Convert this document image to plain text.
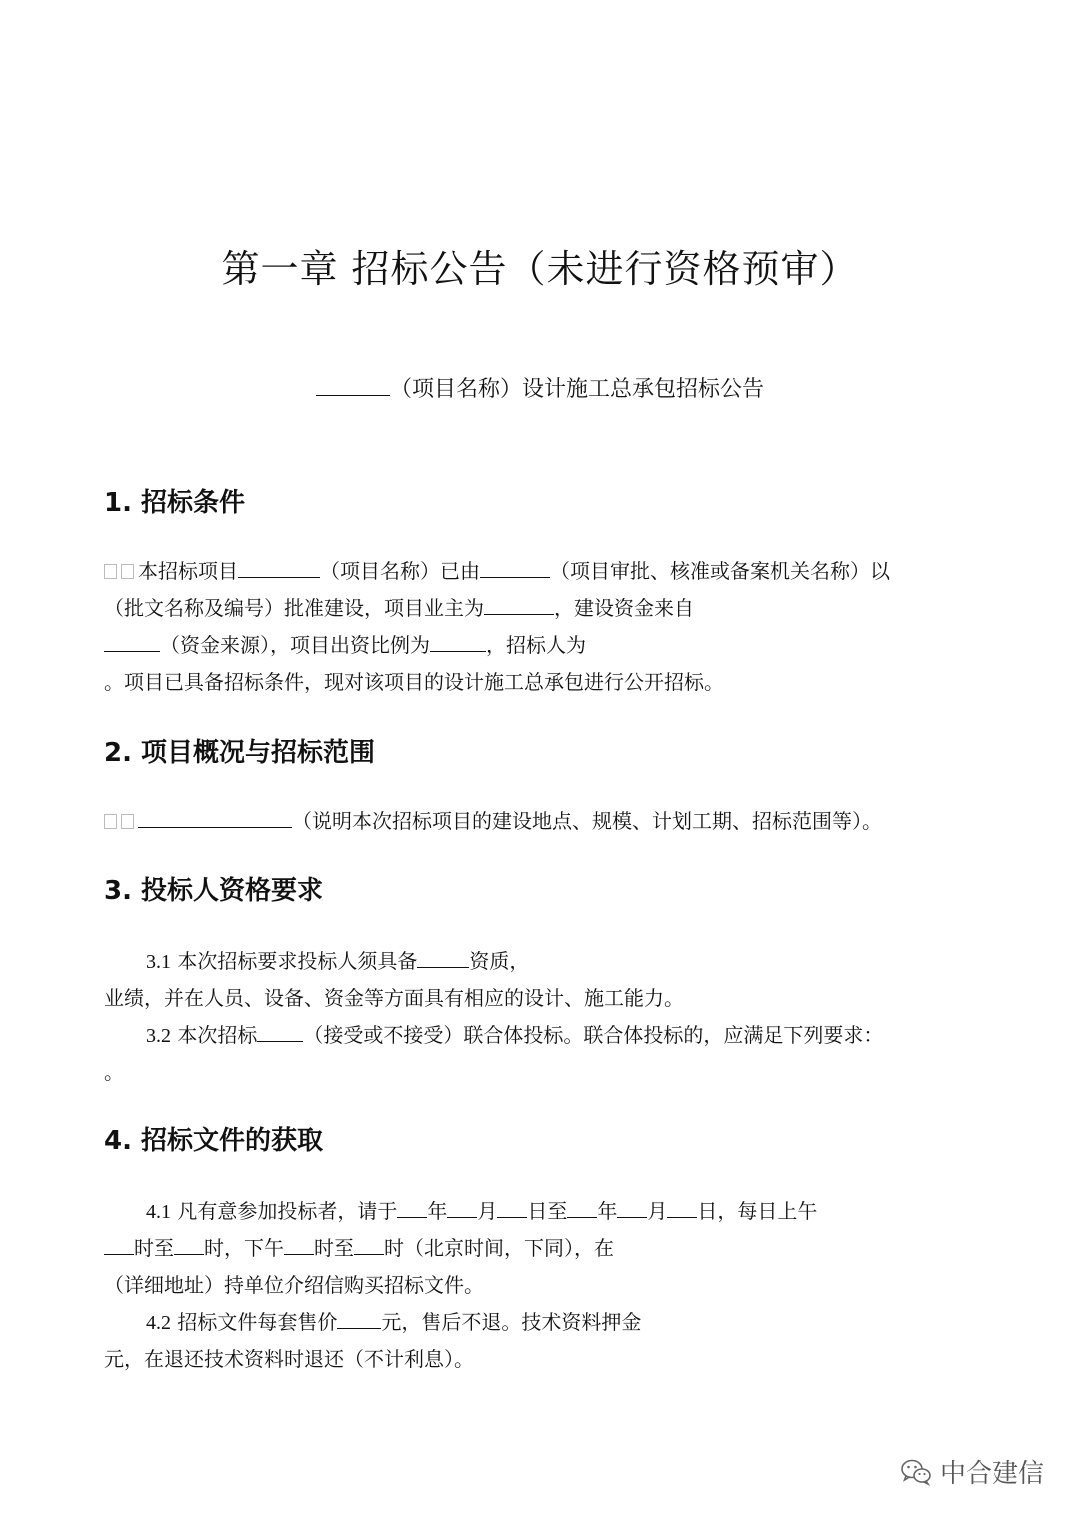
第一章 招标公告（未进行资格预审）
（项目名称）设计施工总承包招标公告
1. 招标条件
本招标项目	（项目名称）已由	（项目审批、核准或备案机关名称）以
（批文名称及编号）批准建设，项目业主为	，建设资金来自
（资金来源），项目出资比例为	，招标人为
。项目已具备招标条件，现对该项目的设计施工总承包进行公开招标。
2. 项目概况与招标范围
（说明本次招标项目的建设地点、规模、计划工期、招标范围等）。
3. 投标人资格要求
3.1 本次招标要求投标人须具备	资质，
业绩，并在人员、设备、资金等方面具有相应的设计、施工能力。
3.2 本次招标 （接受或不接受）联合体投标。联合体投标的，应满足下列要求：
。
4. 招标文件的获取
4.1 凡有意参加投标者，请于 年 月 日至 年 月 日，每日上午
时至 时，下午 时至 时（北京时间，下同），在
（详细地址）持单位介绍信购买招标文件。
4.2 招标文件每套售价 元，售后不退。技术资料押金
元，在退还技术资料时退还（不计利息）。
中合建信
